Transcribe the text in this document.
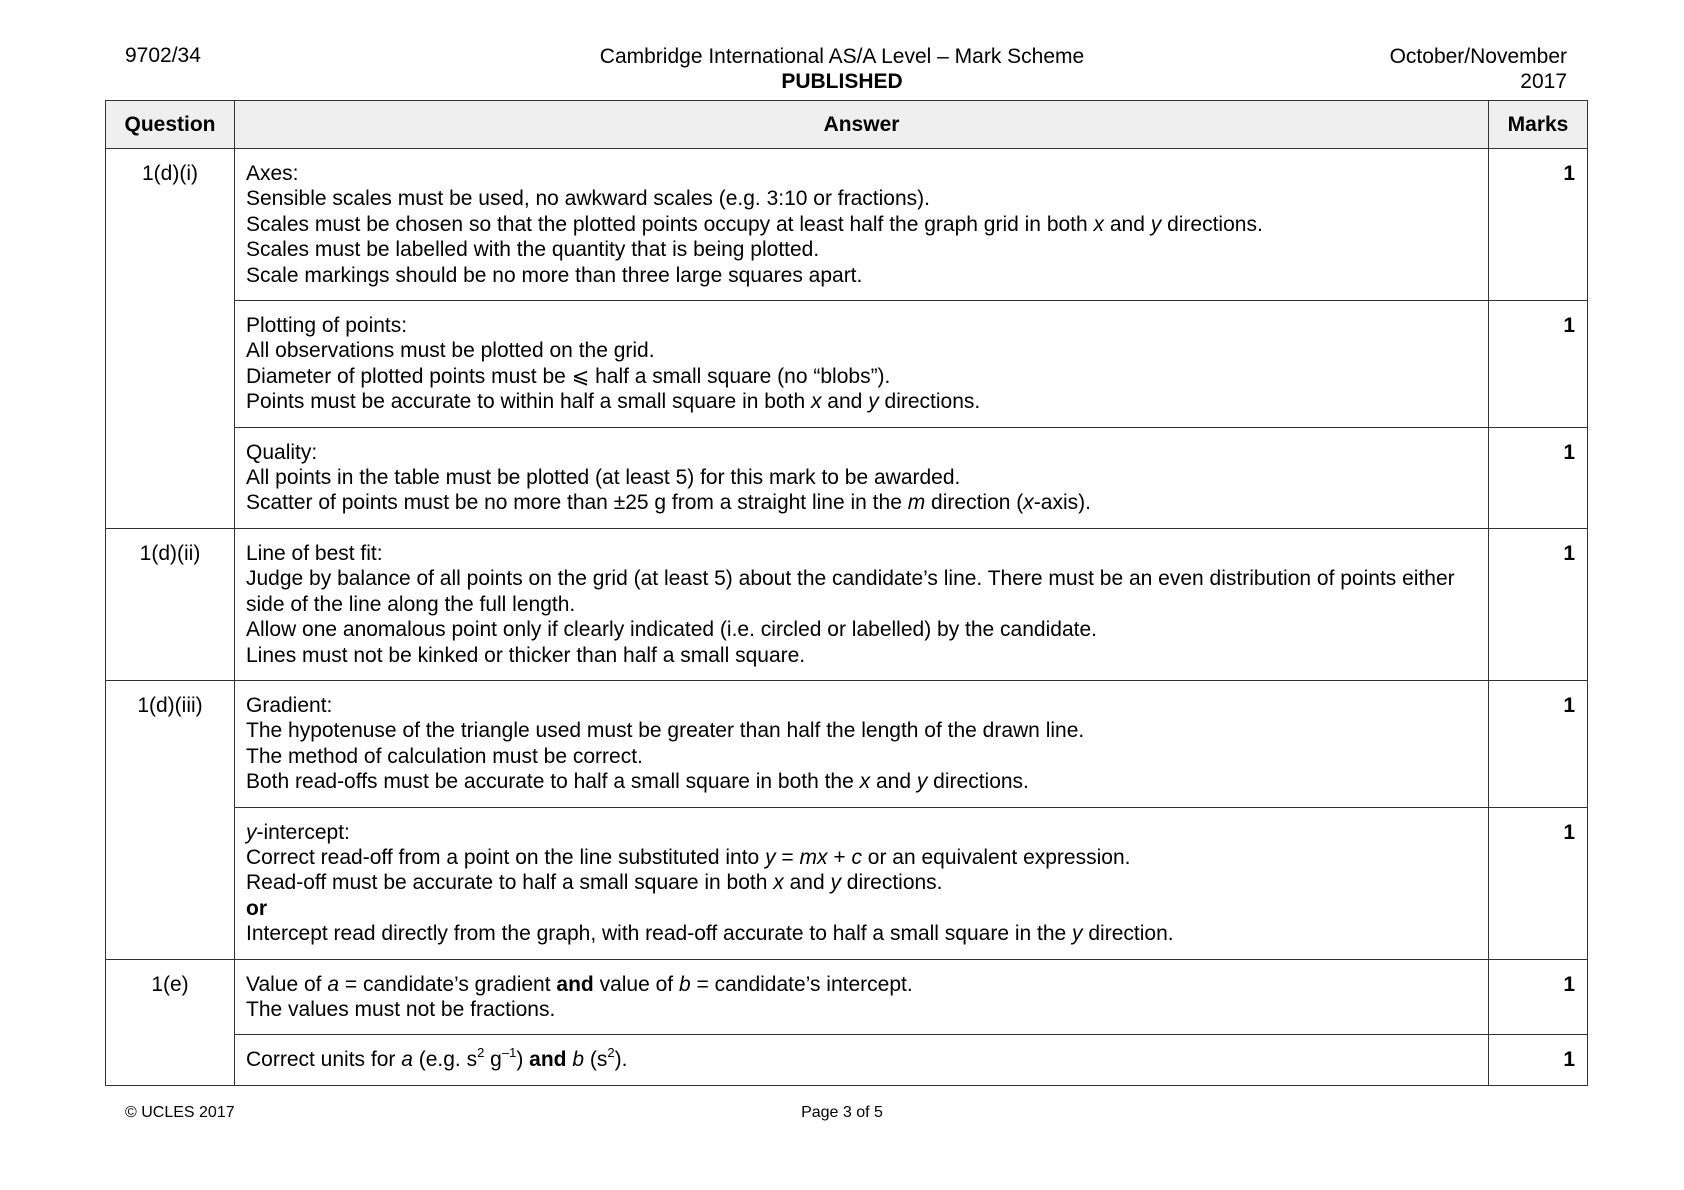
9702/34	Cambridge International AS/A Level – Mark Scheme
PUBLISHED
October/November
2017
Question	Answer	Marks
1(d)(i)	Axes:
Sensible scales must be used, no awkward scales (e.g. 3:10 or fractions).
Scales must be chosen so that the plotted points occupy at least half the graph grid in both x and y directions.
Scales must be labelled with the quantity that is being plotted.
Scale markings should be no more than three large squares apart.	1

	Plotting of points:
All observations must be plotted on the grid.
Diameter of plotted points must be ⩽ half a small square (no “blobs”).
Points must be accurate to within half a small square in both x and y directions.	1

	Quality:
All points in the table must be plotted (at least 5) for this mark to be awarded.
Scatter of points must be no more than ±25 g from a straight line in the m direction (x-axis).	1
1(d)(ii)	Line of best fit:
Judge by balance of all points on the grid (at least 5) about the candidate’s line. There must be an even distribution of points either side of the line along the full length.
Allow one anomalous point only if clearly indicated (i.e. circled or labelled) by the candidate.
Lines must not be kinked or thicker than half a small square.	1
1(d)(iii)	Gradient:
The hypotenuse of the triangle used must be greater than half the length of the drawn line.
The method of calculation must be correct.
Both read-offs must be accurate to half a small square in both the x and y directions.	1

	y-intercept:
Correct read-off from a point on the line substituted into y = mx + c or an equivalent expression.
Read-off must be accurate to half a small square in both x and y directions.
or
Intercept read directly from the graph, with read-off accurate to half a small square in the y direction.	1
1(e)	Value of a = candidate’s gradient and value of b = candidate’s intercept.
The values must not be fractions.	1

	Correct units for a (e.g. $s^2$ $g^{-1}$) and b $(s^2)$.	1
© UCLES 2017	Page 3 of 5
